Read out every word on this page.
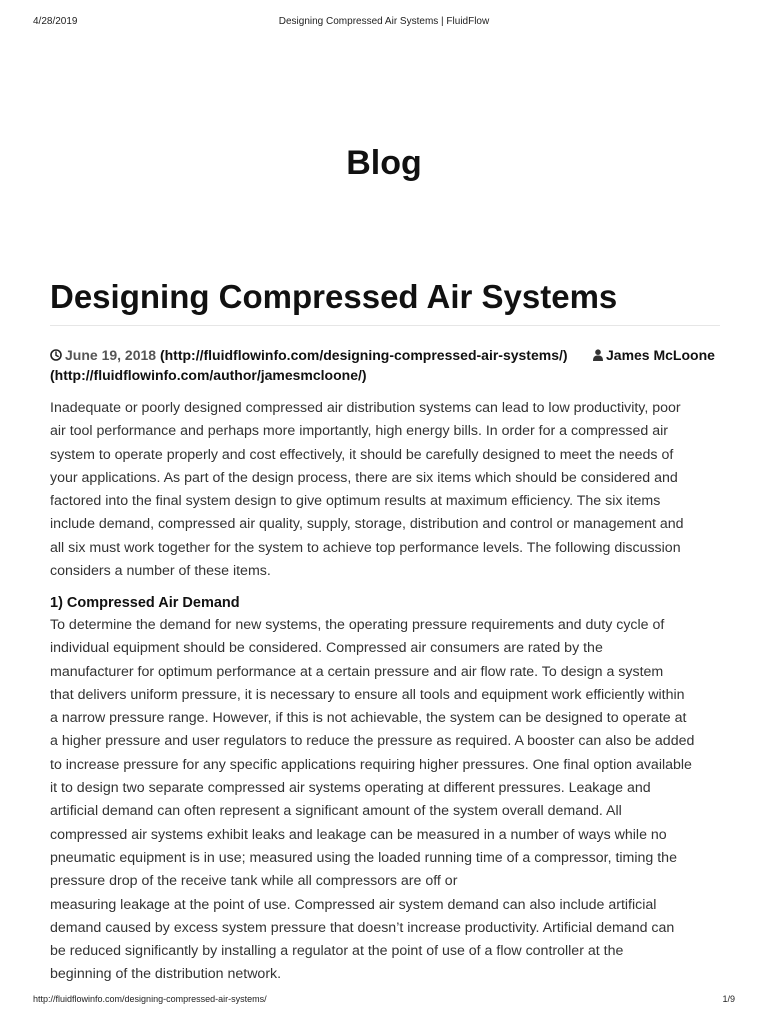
4/28/2019	Designing Compressed Air Systems | FluidFlow
Blog
Designing Compressed Air Systems
June 19, 2018 (http://fluidflowinfo.com/designing-compressed-air-systems/)	James McLoone
(http://fluidflowinfo.com/author/jamesmcloone/)
Inadequate or poorly designed compressed air distribution systems can lead to low productivity, poor
air tool performance and perhaps more importantly, high energy bills. In order for a compressed air
system to operate properly and cost effectively, it should be carefully designed to meet the needs of
your applications. As part of the design process, there are six items which should be considered and
factored into the final system design to give optimum results at maximum efficiency. The six items
include demand, compressed air quality, supply, storage, distribution and control or management and
all six must work together for the system to achieve top performance levels. The following discussion
considers a number of these items.
1) Compressed Air Demand
To determine the demand for new systems, the operating pressure requirements and duty cycle of
individual equipment should be considered. Compressed air consumers are rated by the
manufacturer for optimum performance at a certain pressure and air flow rate. To design a system
that delivers uniform pressure, it is necessary to ensure all tools and equipment work efficiently within
a narrow pressure range. However, if this is not achievable, the system can be designed to operate at
a higher pressure and user regulators to reduce the pressure as required. A booster can also be added
to increase pressure for any specific applications requiring higher pressures. One final option available
it to design two separate compressed air systems operating at different pressures. Leakage and
artificial demand can often represent a significant amount of the system overall demand. All
compressed air systems exhibit leaks and leakage can be measured in a number of ways while no
pneumatic equipment is in use; measured using the loaded running time of a compressor, timing the
pressure drop of the receive tank while all compressors are off or
measuring leakage at the point of use. Compressed air system demand can also include artificial
demand caused by excess system pressure that doesn’t increase productivity. Artificial demand can
be reduced significantly by installing a regulator at the point of use of a flow controller at the
beginning of the distribution network.
http://fluidflowinfo.com/designing-compressed-air-systems/	1/9
